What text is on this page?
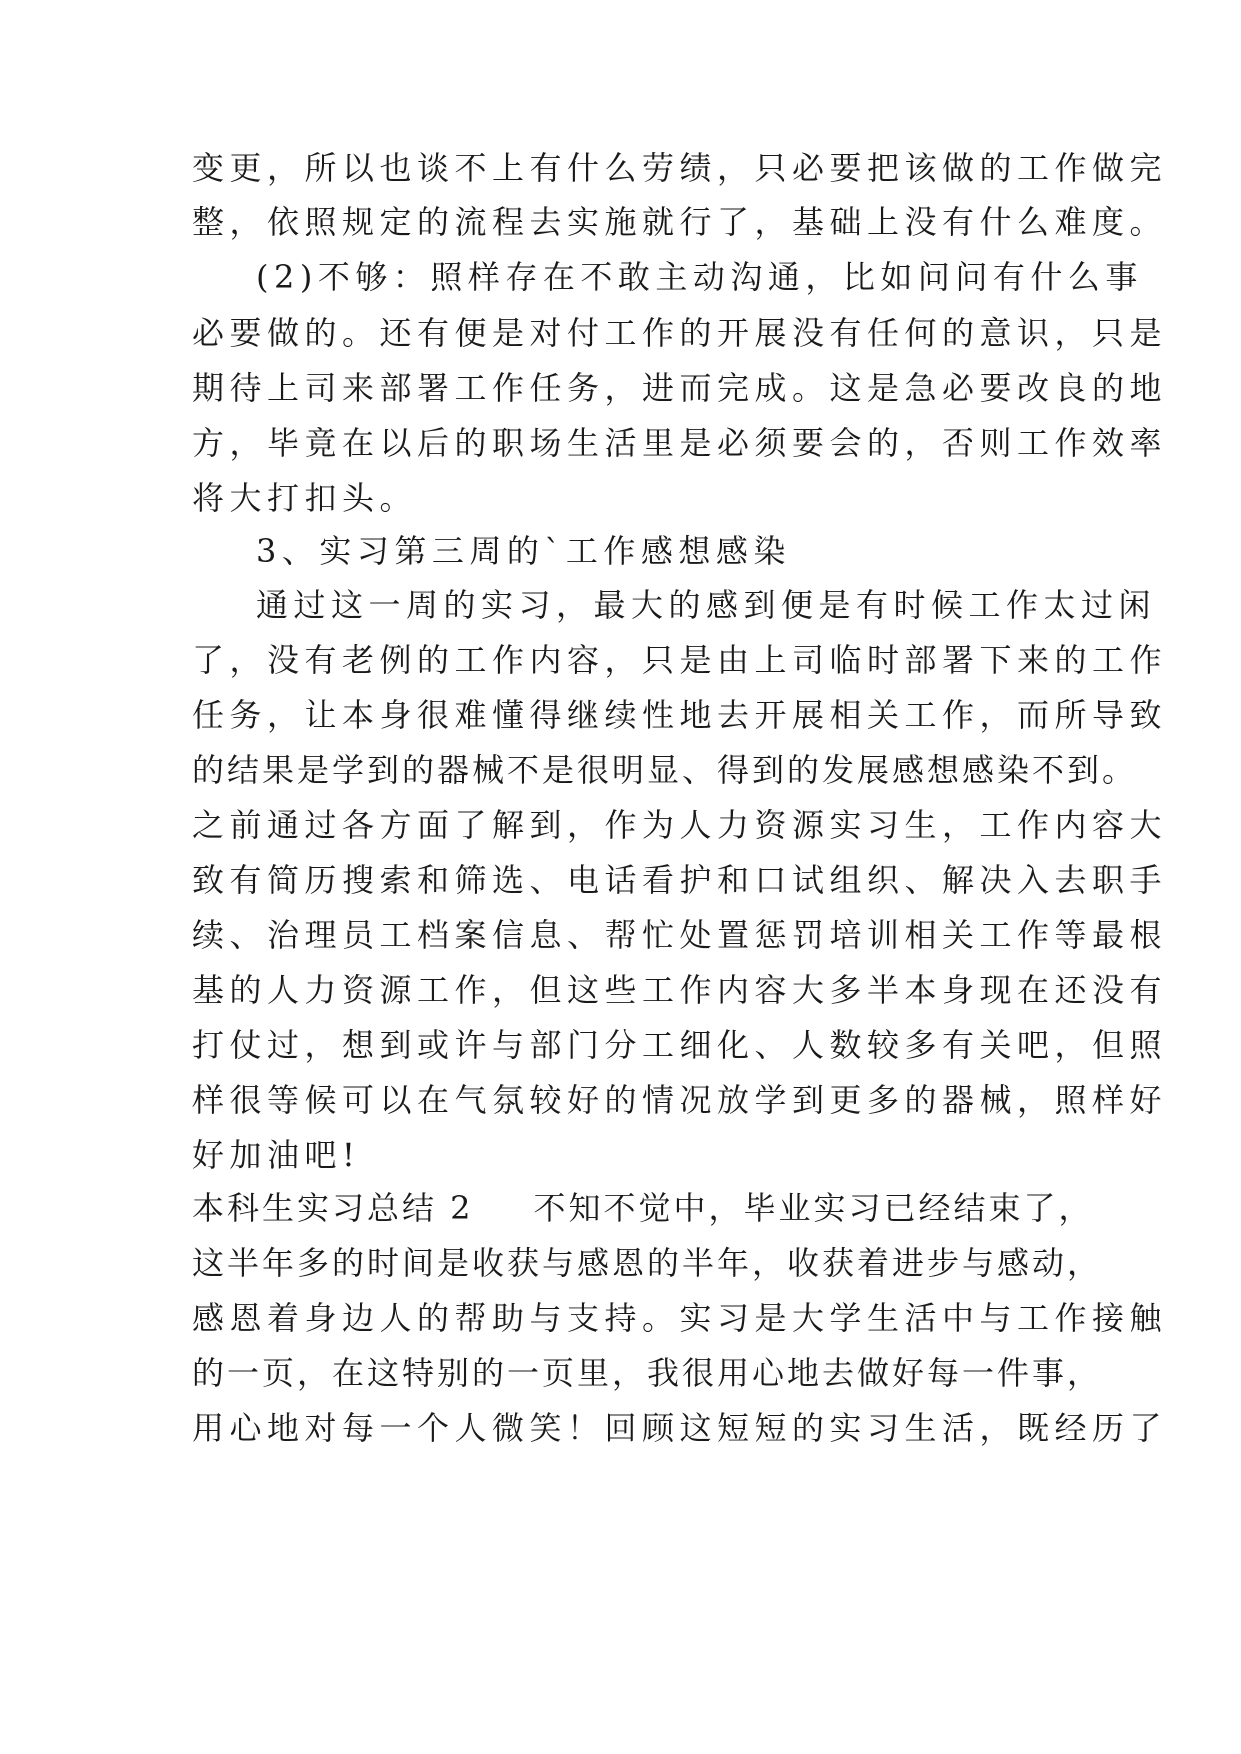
变更，所以也谈不上有什么劳绩，只必要把该做的工作做完
整，依照规定的流程去实施就行了，基础上没有什么难度。
(2)不够：照样存在不敢主动沟通，比如问问有什么事
必要做的。还有便是对付工作的开展没有任何的意识，只是
期待上司来部署工作任务，进而完成。这是急必要改良的地
方，毕竟在以后的职场生活里是必须要会的，否则工作效率
将大打扣头。
3、实习第三周的`工作感想感染
通过这一周的实习，最大的感到便是有时候工作太过闲
了，没有老例的工作内容，只是由上司临时部署下来的工作
任务，让本身很难懂得继续性地去开展相关工作，而所导致
的结果是学到的器械不是很明显、得到的发展感想感染不到。
之前通过各方面了解到，作为人力资源实习生，工作内容大
致有简历搜索和筛选、电话看护和口试组织、解决入去职手
续、治理员工档案信息、帮忙处置惩罚培训相关工作等最根
基的人力资源工作，但这些工作内容大多半本身现在还没有
打仗过，想到或许与部门分工细化、人数较多有关吧，但照
样很等候可以在气氛较好的情况放学到更多的器械，照样好
好加油吧!
本科生实习总结 2 不知不觉中，毕业实习已经结束了，
这半年多的时间是收获与感恩的半年，收获着进步与感动，
感恩着身边人的帮助与支持。实习是大学生活中与工作接触
的一页，在这特别的一页里，我很用心地去做好每一件事，
用心地对每一个人微笑！回顾这短短的实习生活，既经历了
